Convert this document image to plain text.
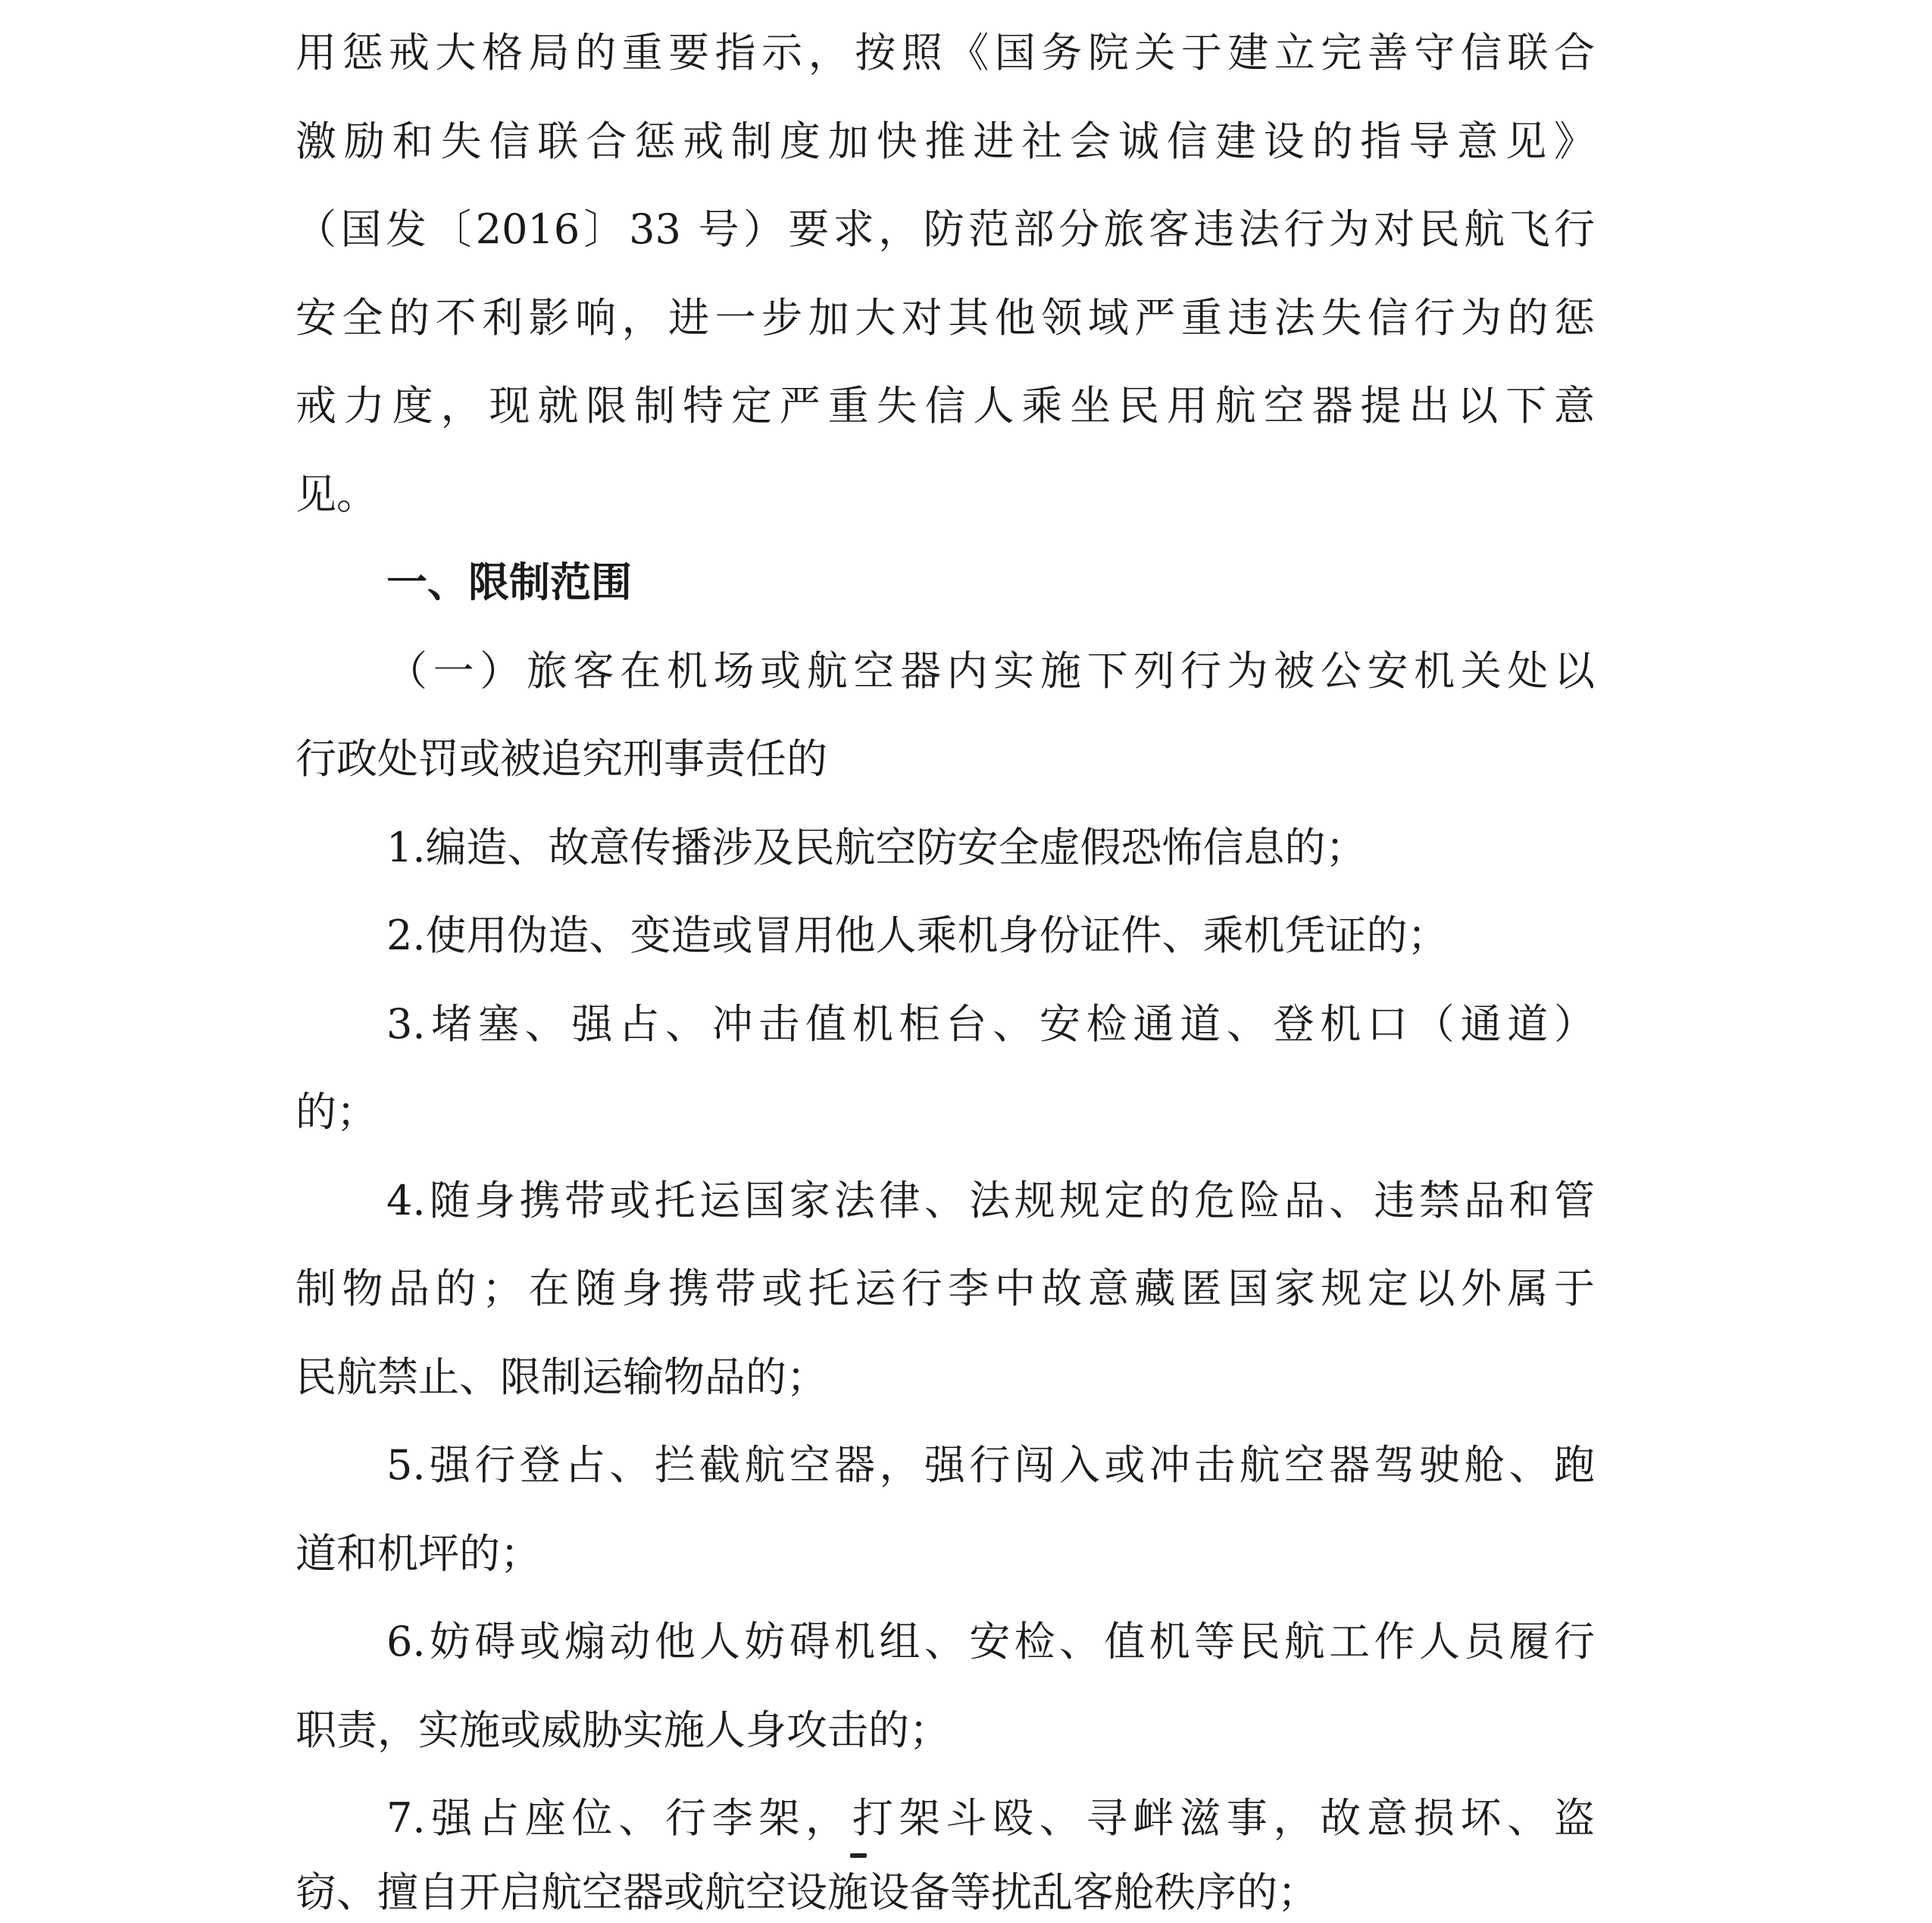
用惩戒大格局的重要指示，按照《国务院关于建立完善守信联合
激励和失信联合惩戒制度加快推进社会诚信建设的指导意见》
（国发〔2016〕33 号）要求，防范部分旅客违法行为对民航飞行
安全的不利影响，进一步加大对其他领域严重违法失信行为的惩
戒力度，现就限制特定严重失信人乘坐民用航空器提出以下意
见。
一、限制范围
（一）旅客在机场或航空器内实施下列行为被公安机关处以
行政处罚或被追究刑事责任的
1.编造、故意传播涉及民航空防安全虚假恐怖信息的；
2.使用伪造、变造或冒用他人乘机身份证件、乘机凭证的；
3.堵塞、强占、冲击值机柜台、安检通道、登机口（通道）
的；
4.随身携带或托运国家法律、法规规定的危险品、违禁品和管
制物品的；在随身携带或托运行李中故意藏匿国家规定以外属于
民航禁止、限制运输物品的；
5.强行登占、拦截航空器，强行闯入或冲击航空器驾驶舱、跑
道和机坪的；
6.妨碍或煽动他人妨碍机组、安检、值机等民航工作人员履行
职责，实施或威胁实施人身攻击的；
7.强占座位、行李架，打架斗殴、寻衅滋事，故意损坏、盗
窃、擅自开启航空器或航空设施设备等扰乱客舱秩序的；
